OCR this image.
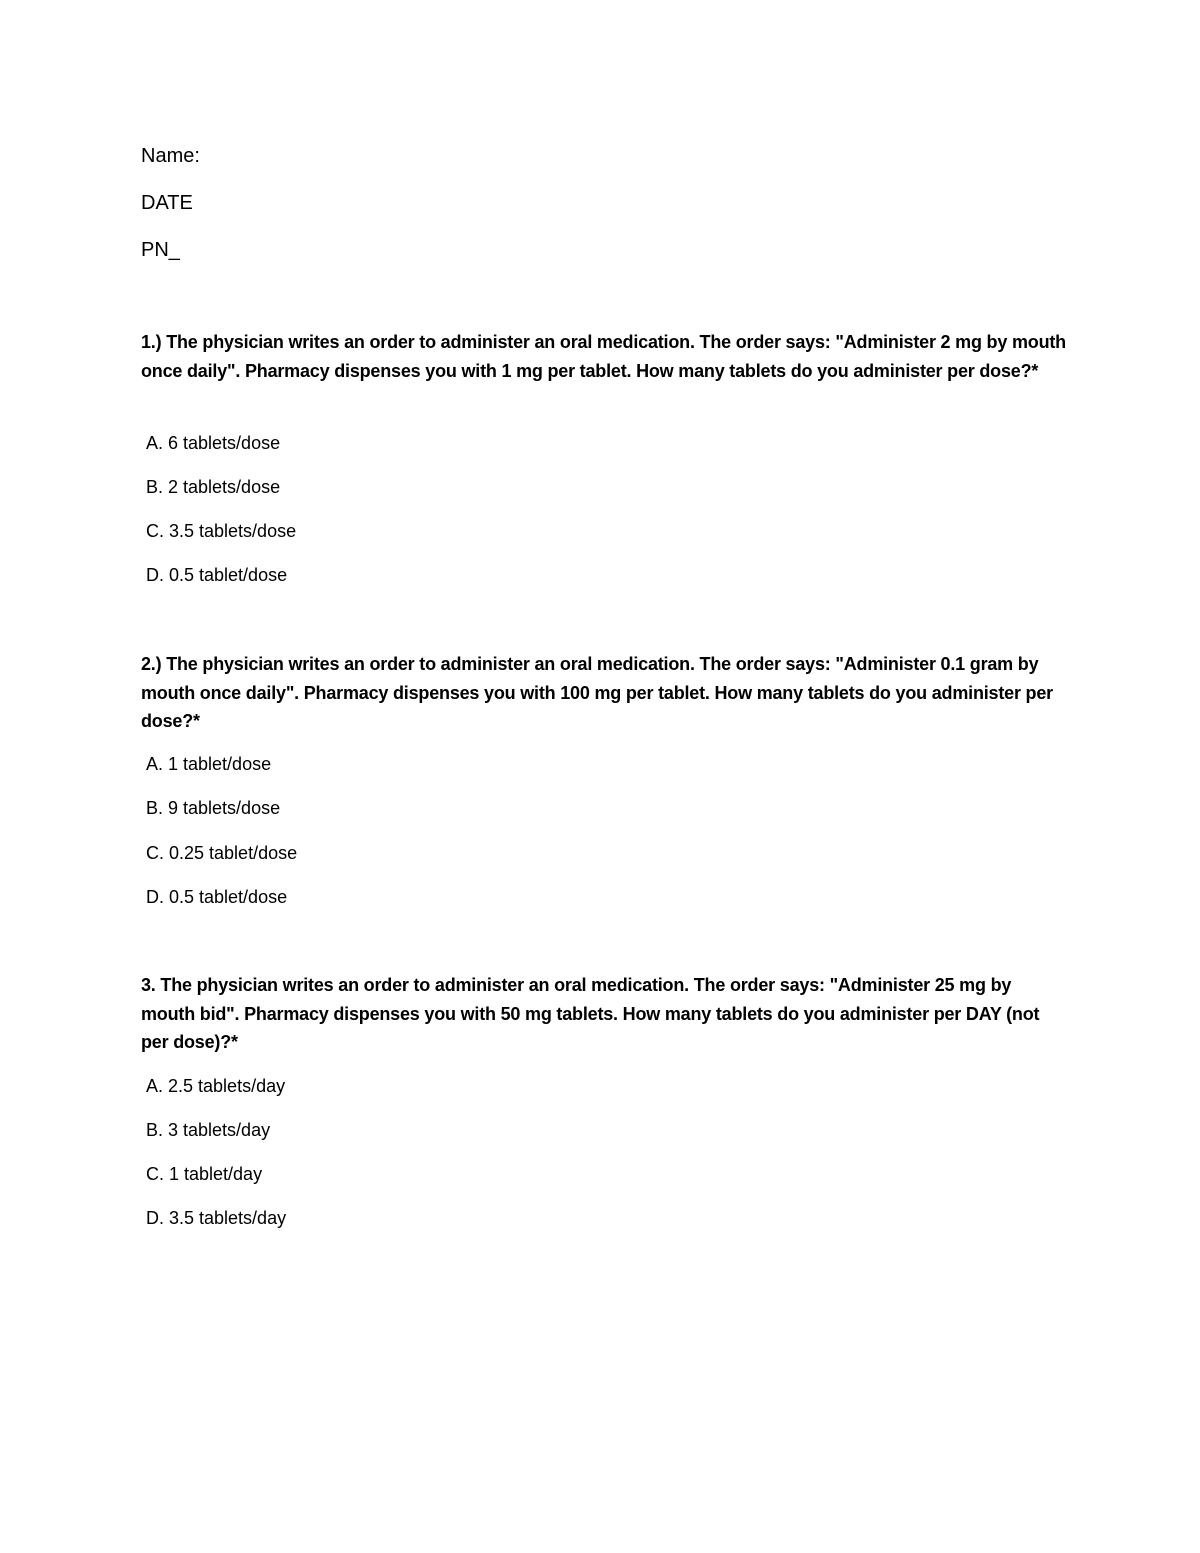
Name:
DATE
PN_
1.) The physician writes an order to administer an oral medication. The order says: "Administer 2 mg by mouth once daily". Pharmacy dispenses you with 1 mg per tablet. How many tablets do you administer per dose?*
A. 6 tablets/dose
B. 2 tablets/dose
C. 3.5 tablets/dose
D. 0.5 tablet/dose
2.) The physician writes an order to administer an oral medication. The order says: "Administer 0.1 gram by mouth once daily". Pharmacy dispenses you with 100 mg per tablet. How many tablets do you administer per dose?*
A. 1 tablet/dose
B. 9 tablets/dose
C. 0.25 tablet/dose
D. 0.5 tablet/dose
3. The physician writes an order to administer an oral medication. The order says: "Administer 25 mg by mouth bid". Pharmacy dispenses you with 50 mg tablets. How many tablets do you administer per DAY (not per dose)?*
A. 2.5 tablets/day
B. 3 tablets/day
C. 1 tablet/day
D. 3.5 tablets/day
